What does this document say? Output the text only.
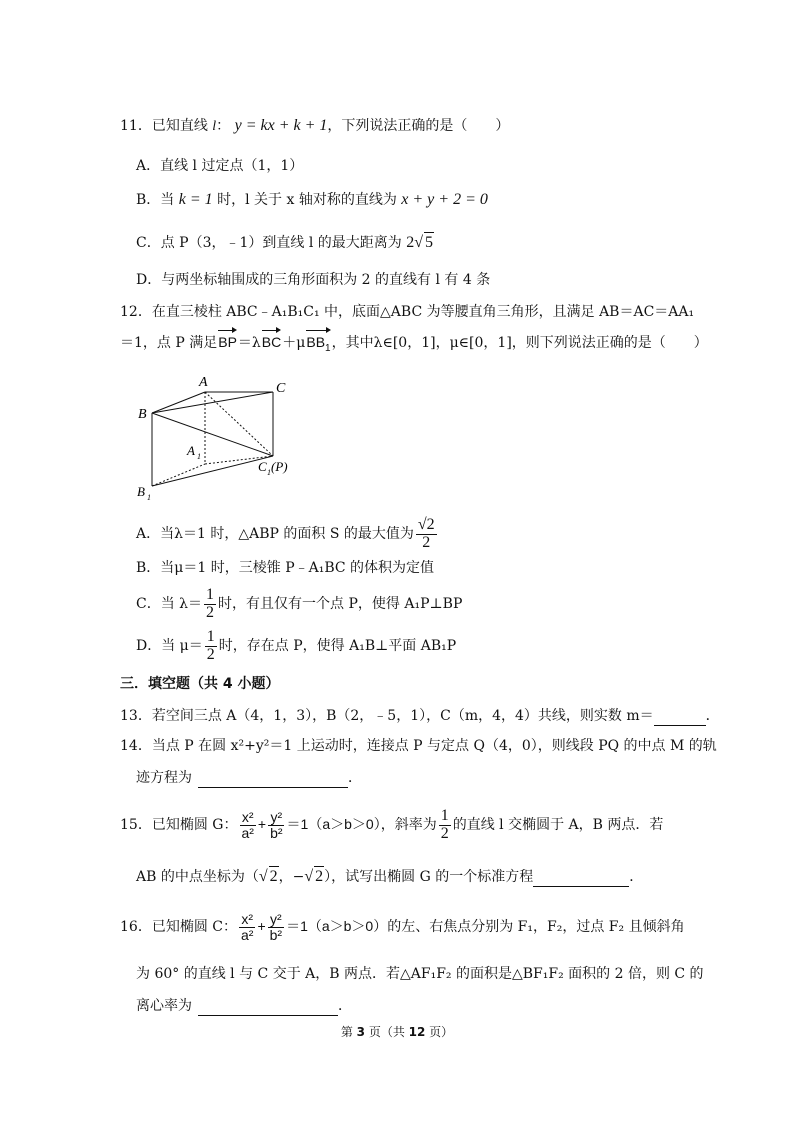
11．已知直线 l： y = kx + k + 1，下列说法正确的是（　　）
A．直线 l 过定点（1，1）
B．当 k = 1 时，l 关于 x 轴对称的直线为 x + y + 2 = 0
C．点 P（3，﹣1）到直线 l 的最大距离为 2√ 5
D．与两坐标轴围成的三角形面积为 2 的直线有 l 有 4 条
12．在直三棱柱 ABC﹣A₁B₁C₁ 中，底面△ABC 为等腰直角三角形，且满足 AB＝AC＝AA₁
＝1，点 P 满足BP＝λBC＋μBB$_1$，其中λ∈[0，1]，μ∈[0，1]，则下列说法正确的是（　　）
A	C
B
A 1
C 1 (P)
B 1
A．当λ＝1 时，△ABP 的面积 S 的最大值为 $\frac{√2}{2}$
B．当μ＝1 时，三棱锥 P﹣A₁BC 的体积为定值
C．当 $\lambda= \frac{1}{2}$ 时，有且仅有一个点 P，使得 A₁P⊥BP
D．当 $\mu= \frac{1}{2}$ 时，存在点 P，使得 A₁B⊥平面 AB₁P
三．填空题（共 4 小题）
13．若空间三点 A（4，1，3），B（2，﹣5，1），C（m，4，4）共线，则实数 m＝	．
14．当点 P 在圆 x²+y²＝1 上运动时，连接点 P 与定点 Q（4，0），则线段 PQ 的中点 M 的轨
迹方程为	．
15．已知椭圆 G： $\frac{\text{x²}}{\text{a²}} + \frac{\text{y²}}{\text{b²}} =1(a>b>0)$，斜率为 $\frac{1}{2}$ 的直线 l 交椭圆于 A，B 两点．若
AB 的中点坐标为（√ 2，−√ 2），试写出椭圆 G 的一个标准方程	．
16．已知椭圆 C： $\frac{\text{x²}}{\text{a²}} + \frac{\text{y²}}{\text{b²}} =1(a>b>0)$的左、右焦点分别为 F₁，F₂，过点 F₂ 且倾斜角
为 60° 的直线 l 与 C 交于 A，B 两点．若△AF₁F₂ 的面积是△BF₁F₂ 面积的 2 倍，则 C 的
离心率为	．
第 3 页（共 12 页）
